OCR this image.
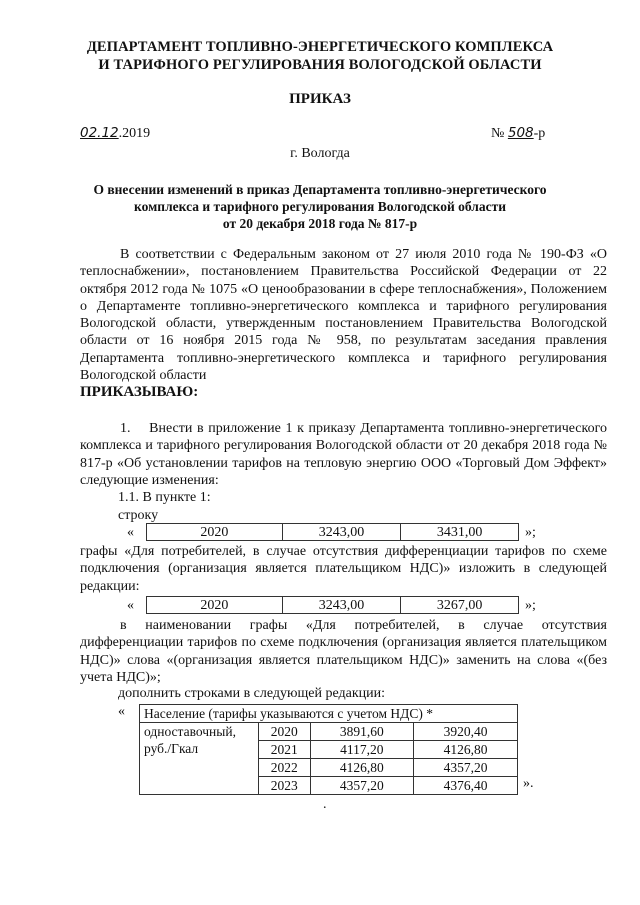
ДЕПАРТАМЕНТ ТОПЛИВНО-ЭНЕРГЕТИЧЕСКОГО КОМПЛЕКСА
И ТАРИФНОГО РЕГУЛИРОВАНИЯ ВОЛОГОДСКОЙ ОБЛАСТИ
ПРИКАЗ
02.12.2019	№ 508-р
г. Вологда
О внесении изменений в приказ Департамента топливно-энергетического
комплекса и тарифного регулирования Вологодской области
от 20 декабря 2018 года № 817-р
В соответствии с Федеральным законом от 27 июля 2010 года № 190-ФЗ «О теплоснабжении», постановлением Правительства Российской Федерации от 22 октября 2012 года № 1075 «О ценообразовании в сфере теплоснабжения», Положением о Департаменте топливно-энергетического комплекса и тарифного регулирования Вологодской области, утвержденным постановлением Правительства Вологодской области от 16 ноября 2015 года № 958, по результатам заседания правления Департамента топливно-энергетического комплекса и тарифного регулирования Вологодской области
ПРИКАЗЫВАЮ:
1.    Внести в приложение 1 к приказу Департамента топливно-энергетического комплекса и тарифного регулирования Вологодской области от 20 декабря 2018 года № 817-р «Об установлении тарифов на тепловую энергию ООО «Торговый Дом Эффект» следующие изменения:
1.1. В пункте 1:
строку
«	2020	3243,00	3431,00	»;
графы «Для потребителей, в случае отсутствия дифференциации тарифов по схеме подключения (организация является плательщиком НДС)» изложить в следующей редакции:
«	2020	3243,00	3267,00	»;
в наименовании графы «Для потребителей, в случае отсутствия дифференциации тарифов по схеме подключения (организация является плательщиком НДС)» слова «(организация является плательщиком НДС)» заменить на слова «(без учета НДС)»;
дополнить строками в следующей редакции:
« Население (тарифы указываются с учетом НДС) *			
одноставочный, руб./Гкал	2020	3891,60	3920,40
	2021	4117,20	4126,80
	2022	4126,80	4357,20
	2023	4357,20	4376,40	».
.
